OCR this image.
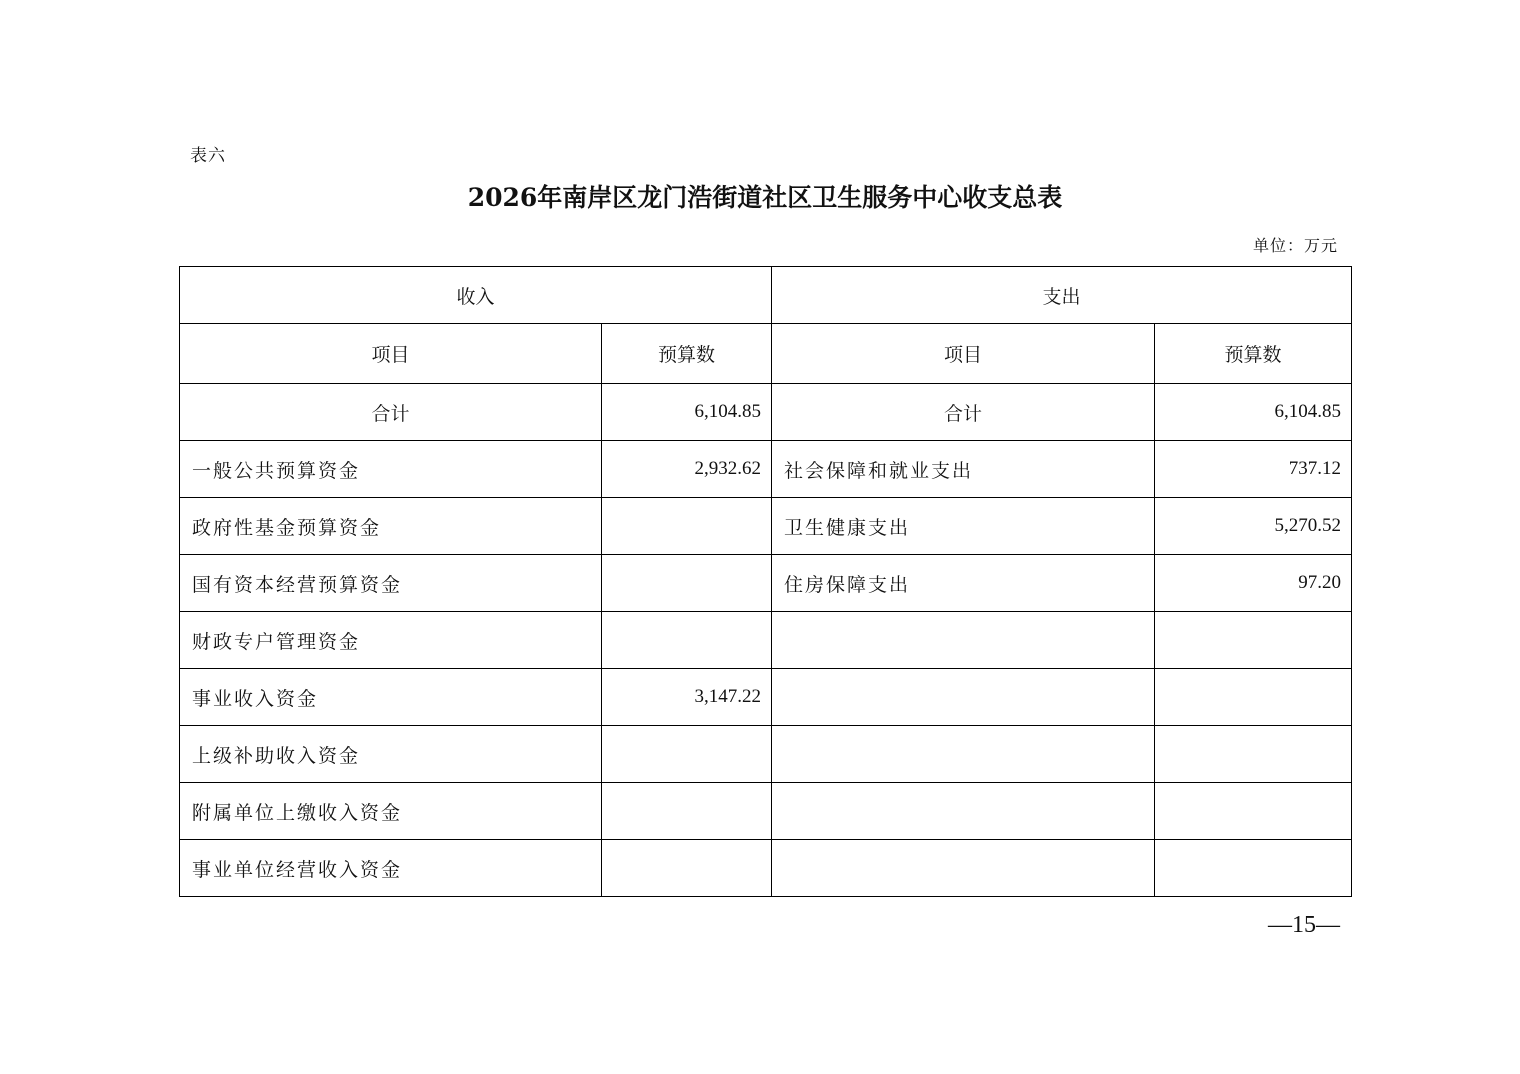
表六
2026年南岸区龙门浩街道社区卫生服务中心收支总表
单位：万元
收入		支出	
项目	预算数	项目	预算数
合计	6,104.85	合计	6,104.85
一般公共预算资金	2,932.62	社会保障和就业支出	737.12
政府性基金预算资金		卫生健康支出	5,270.52
国有资本经营预算资金		住房保障支出	97.20
财政专户管理资金			
事业收入资金	3,147.22		
上级补助收入资金			
附属单位上缴收入资金			
事业单位经营收入资金			
—15—
